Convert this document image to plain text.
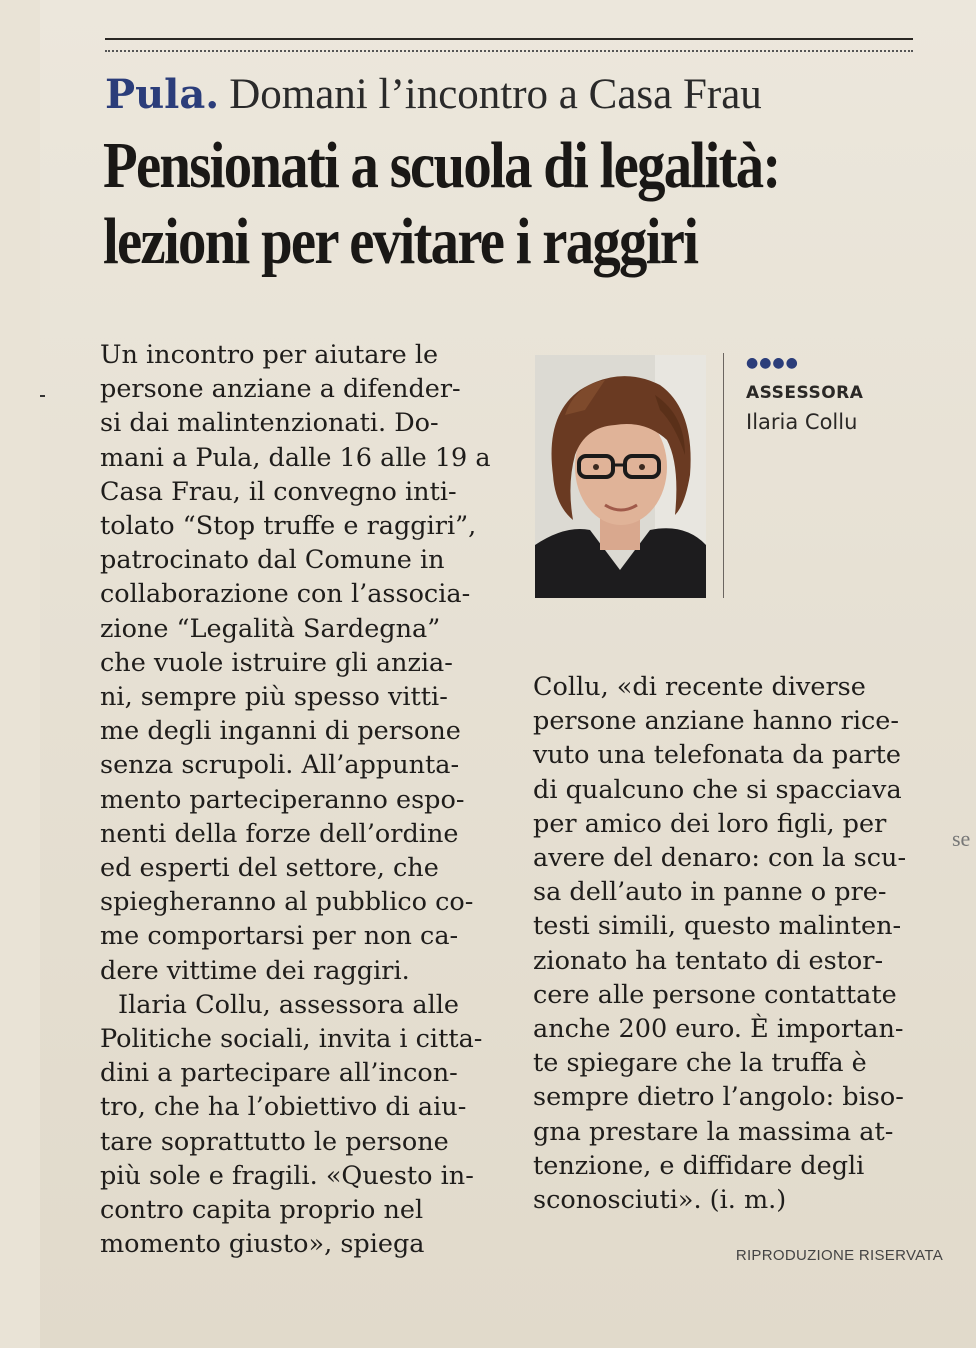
Pula. Domani l’incontro a Casa Frau
Pensionati a scuola di legalità:
lezioni per evitare i raggiri
Un incontro per aiutare le
persone anziane a difender-
si dai malintenzionati. Do-
mani a Pula, dalle 16 alle 19 a
Casa Frau, il convegno inti-
tolato “Stop truffe e raggiri”,
patrocinato dal Comune in
collaborazione con l’associa-
zione “Legalità Sardegna”
che vuole istruire gli anzia-
ni, sempre più spesso vitti-
me degli inganni di persone
senza scrupoli. All’appunta-
mento parteciperanno espo-
nenti della forze dell’ordine
ed esperti del settore, che
spiegheranno al pubblico co-
me comportarsi per non ca-
dere vittime dei raggiri.
Ilaria Collu, assessora alle
Politiche sociali, invita i citta-
dini a partecipare all’incon-
tro, che ha l’obiettivo di aiu-
tare soprattutto le persone
più sole e fragili. «Questo in-
contro capita proprio nel
momento giusto», spiega
●●●●
ASSESSORA
Ilaria Collu
Collu, «di recente diverse
persone anziane hanno rice-
vuto una telefonata da parte
di qualcuno che si spacciava
per amico dei loro figli, per
avere del denaro: con la scu-
sa dell’auto in panne o pre-
testi simili, questo malinten-
zionato ha tentato di estor-
cere alle persone contattate
anche 200 euro. È importan-
te spiegare che la truffa è
sempre dietro l’angolo: biso-
gna prestare la massima at-
tenzione, e diffidare degli
sconosciuti». (i. m.)
RIPRODUZIONE RISERVATA
se
